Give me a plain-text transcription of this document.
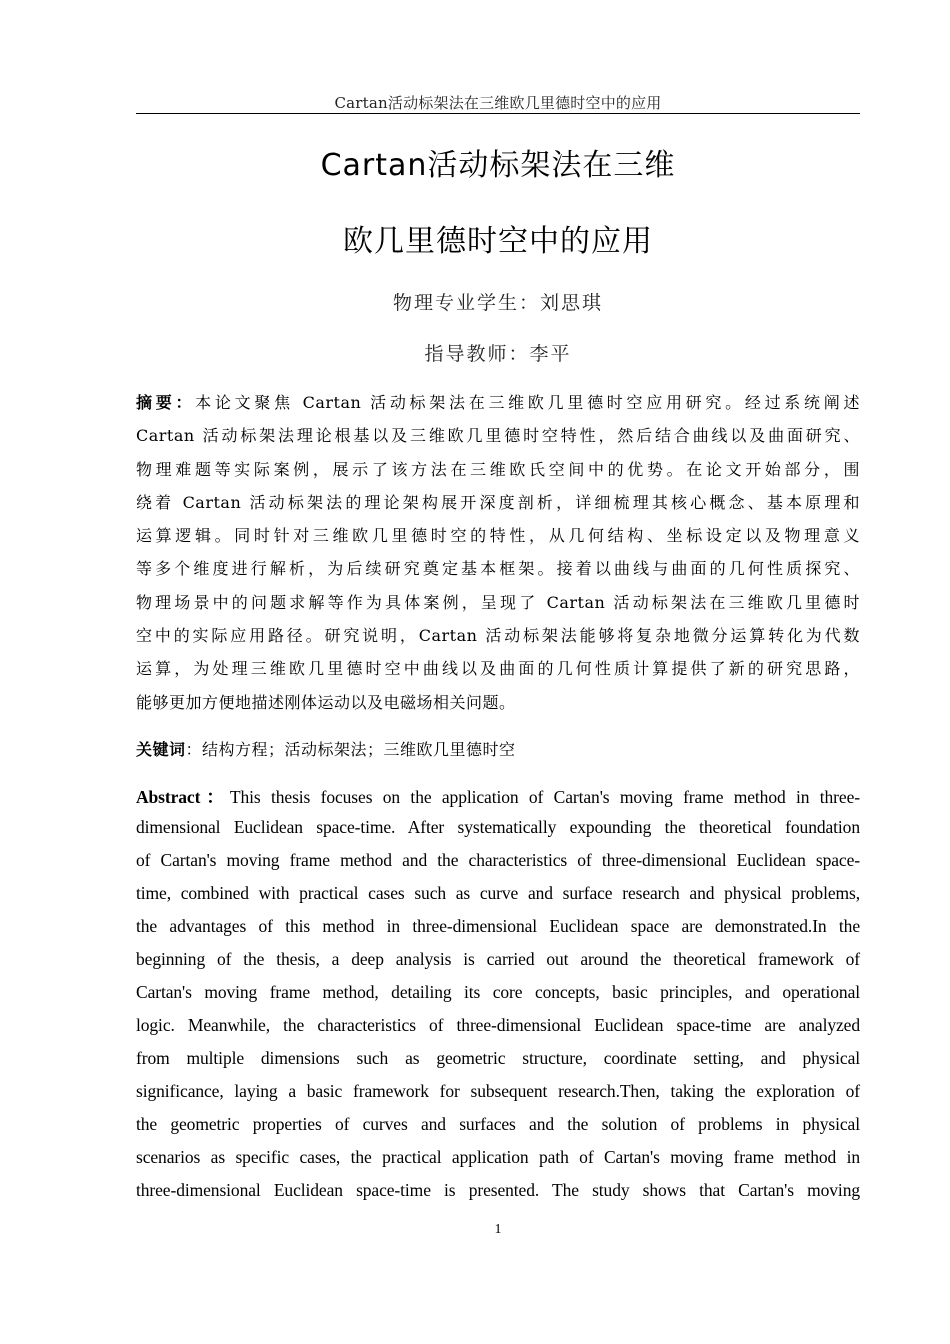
Cartan活动标架法在三维欧几里德时空中的应用
Cartan活动标架法在三维
欧几里德时空中的应用
物理专业学生：刘思琪
指导教师：李平
摘要：本论文聚焦 Cartan 活动标架法在三维欧几里德时空应用研究。经过系统阐述
Cartan 活动标架法理论根基以及三维欧几里德时空特性，然后结合曲线以及曲面研究、
物理难题等实际案例，展示了该方法在三维欧氏空间中的优势。在论文开始部分，围
绕着 Cartan 活动标架法的理论架构展开深度剖析，详细梳理其核心概念、基本原理和
运算逻辑。同时针对三维欧几里德时空的特性，从几何结构、坐标设定以及物理意义
等多个维度进行解析，为后续研究奠定基本框架。接着以曲线与曲面的几何性质探究、
物理场景中的问题求解等作为具体案例，呈现了 Cartan 活动标架法在三维欧几里德时
空中的实际应用路径。研究说明，Cartan 活动标架法能够将复杂地微分运算转化为代数
运算，为处理三维欧几里德时空中曲线以及曲面的几何性质计算提供了新的研究思路，
能够更加方便地描述刚体运动以及电磁场相关问题。
关键词：结构方程；活动标架法；三维欧几里德时空
Abstract：This thesis focuses on the application of Cartan's moving frame method in three-
dimensional Euclidean space-time. After systematically expounding the theoretical foundation
of Cartan's moving frame method and the characteristics of three-dimensional Euclidean space-
time, combined with practical cases such as curve and surface research and physical problems,
the advantages of this method in three-dimensional Euclidean space are demonstrated.In the
beginning of the thesis, a deep analysis is carried out around the theoretical framework of
Cartan's moving frame method, detailing its core concepts, basic principles, and operational
logic. Meanwhile, the characteristics of three-dimensional Euclidean space-time are analyzed
from multiple dimensions such as geometric structure, coordinate setting, and physical
significance, laying a basic framework for subsequent research.Then, taking the exploration of
the geometric properties of curves and surfaces and the solution of problems in physical
scenarios as specific cases, the practical application path of Cartan's moving frame method in
three-dimensional Euclidean space-time is presented. The study shows that Cartan's moving
1
